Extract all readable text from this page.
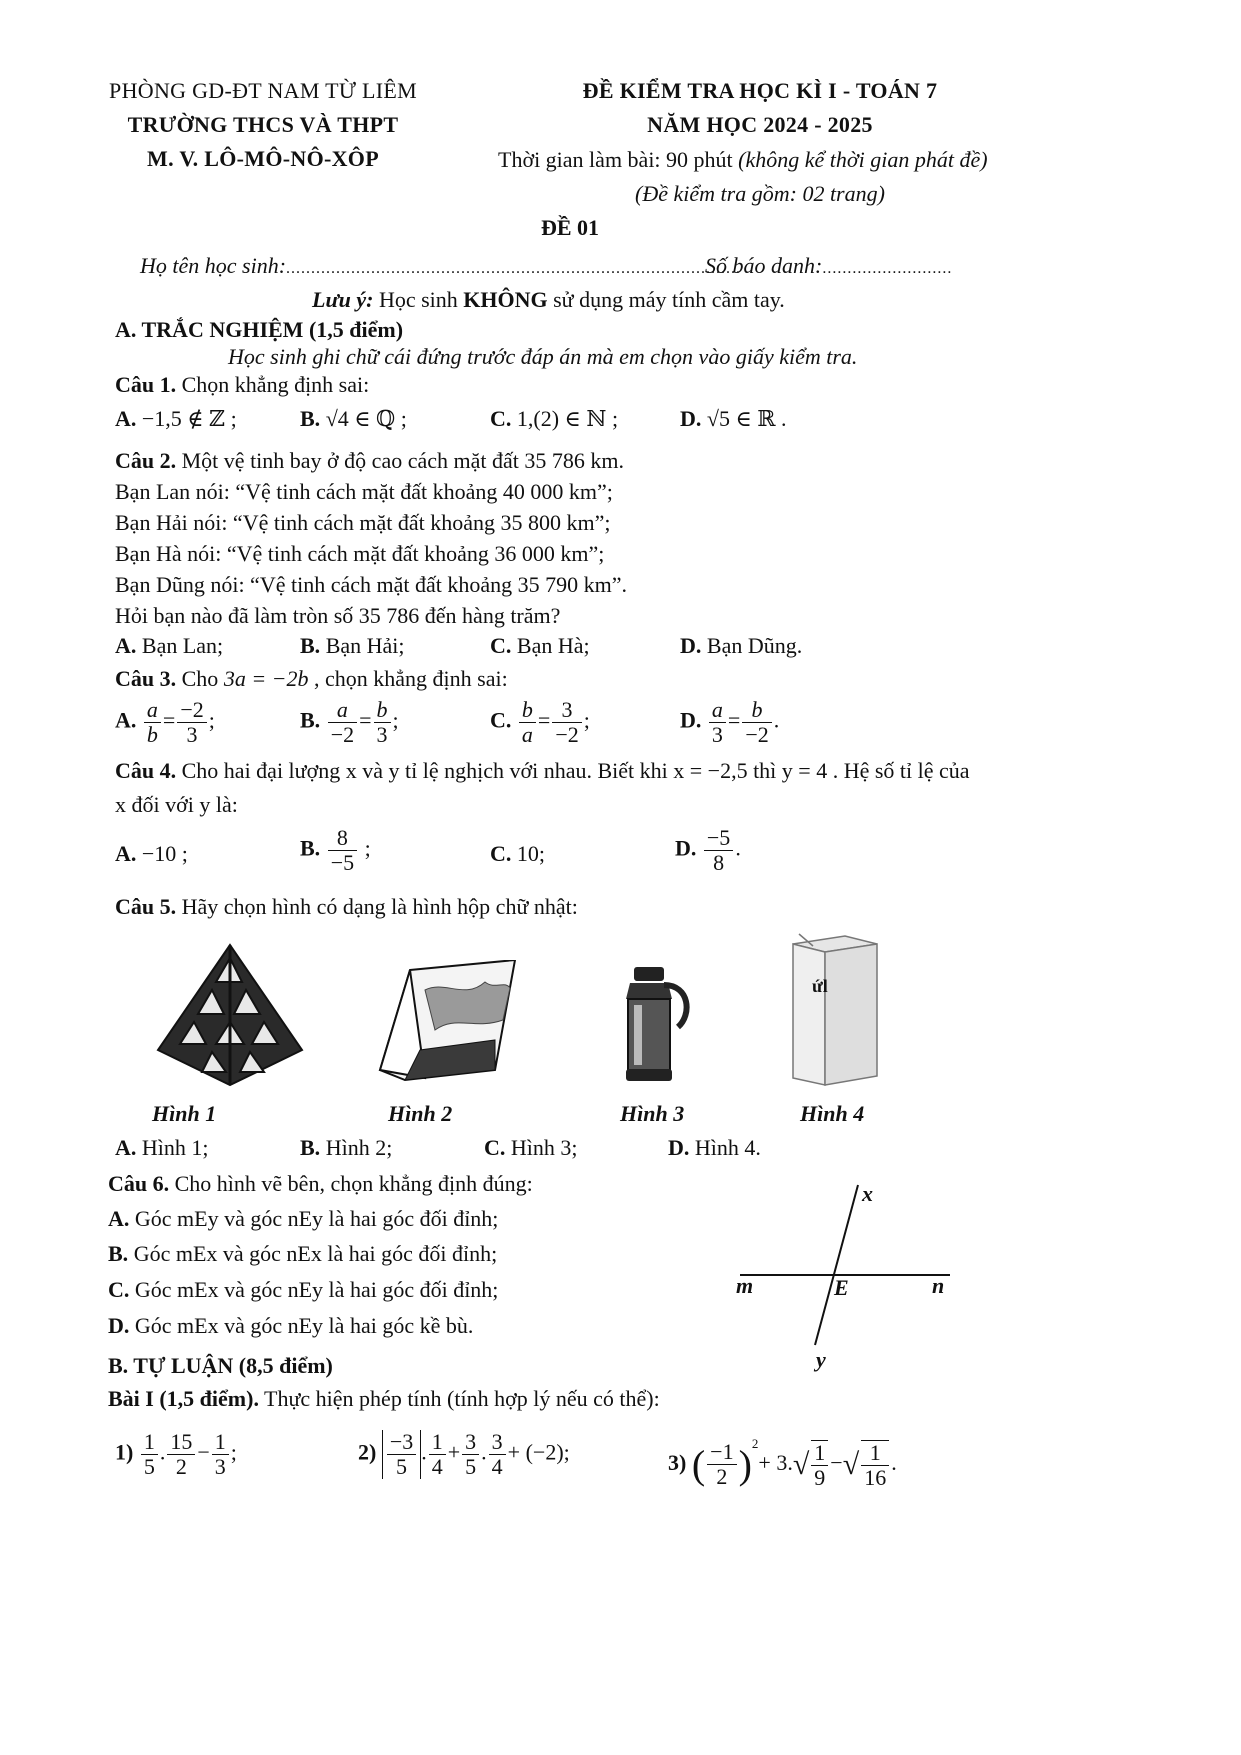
PHÒNG GD-ĐT NAM TỪ LIÊM
TRƯỜNG THCS VÀ THPT
M. V. LÔ-MÔ-NÔ-XÔP
ĐỀ KIỂM TRA HỌC KÌ I - TOÁN 7
NĂM HỌC 2024 - 2025
Thời gian làm bài: 90 phút (không kể thời gian phát đề)
(Đề kiểm tra gồm: 02 trang)
ĐỀ 01
Họ tên học sinh:...........................................................................................
Số báo danh:..........................
Lưu ý: Học sinh KHÔNG sử dụng máy tính cầm tay.
A. TRẮC NGHIỆM (1,5 điểm)
Học sinh ghi chữ cái đứng trước đáp án mà em chọn vào giấy kiểm tra.
Câu 1. Chọn khẳng định sai:
A. −1,5 ∉ ℤ ;	B. √4 ∈ ℚ ;	C. 1,(2) ∈ ℕ ;	D. √5 ∈ ℝ .
Câu 2. Một vệ tinh bay ở độ cao cách mặt đất 35 786 km.
Bạn Lan nói: “Vệ tinh cách mặt đất khoảng 40 000 km”;
Bạn Hải nói: “Vệ tinh cách mặt đất khoảng 35 800 km”;
Bạn Hà nói: “Vệ tinh cách mặt đất khoảng 36 000 km”;
Bạn Dũng nói: “Vệ tinh cách mặt đất khoảng 35 790 km”.
Hỏi bạn nào đã làm tròn số 35 786 đến hàng trăm?
A. Bạn Lan;	B. Bạn Hải;	C. Bạn Hà;	D. Bạn Dũng.
Câu 3. Cho 3a = −2b , chọn khẳng định sai:
A. $\frac{a}{b} = \frac{-2}{3}$ ;	B. $\frac{a}{-2} = \frac{b}{3}$ ;	C. $\frac{b}{a} = \frac{3}{-2}$ ;	D. $\frac{a}{3} = \frac{b}{-2}$ .
Câu 4. Cho hai đại lượng x và y tỉ lệ nghịch với nhau. Biết khi x = −2,5 thì y = 4 . Hệ số tỉ lệ của
x đối với y là:
A. −10 ;	B. $\frac{8}{-5}$ ;	C. 10;	D. $\frac{-5}{8}$ .
Câu 5. Hãy chọn hình có dạng là hình hộp chữ nhật:
ứl
Hình 1	Hình 2	Hình 3	Hình 4
A. Hình 1;	B. Hình 2;	C. Hình 3;	D. Hình 4.
Câu 6. Cho hình vẽ bên, chọn khẳng định đúng:
A. Góc mEy và góc nEy là hai góc đối đỉnh;
B. Góc mEx và góc nEx là hai góc đối đỉnh;
C. Góc mEx và góc nEy là hai góc đối đỉnh;
D. Góc mEx và góc nEy là hai góc kề bù.
x
y
m	n
E
B. TỰ LUẬN (8,5 điểm)
Bài I (1,5 điểm). Thực hiện phép tính (tính hợp lý nếu có thể):
$1) \frac{1}{5}$ . $\frac{15}{2} - \frac{1}{3}$ ;	$2) \frac{-3}{5}$ . $\frac{1}{4} + \frac{3}{5}$ . $\frac{3}{4} + (-2)$;	3) ( $\frac{-1}{2} )^2+ 3.√ \frac{1}{9}$ −√ $\frac{1}{16}$ .
